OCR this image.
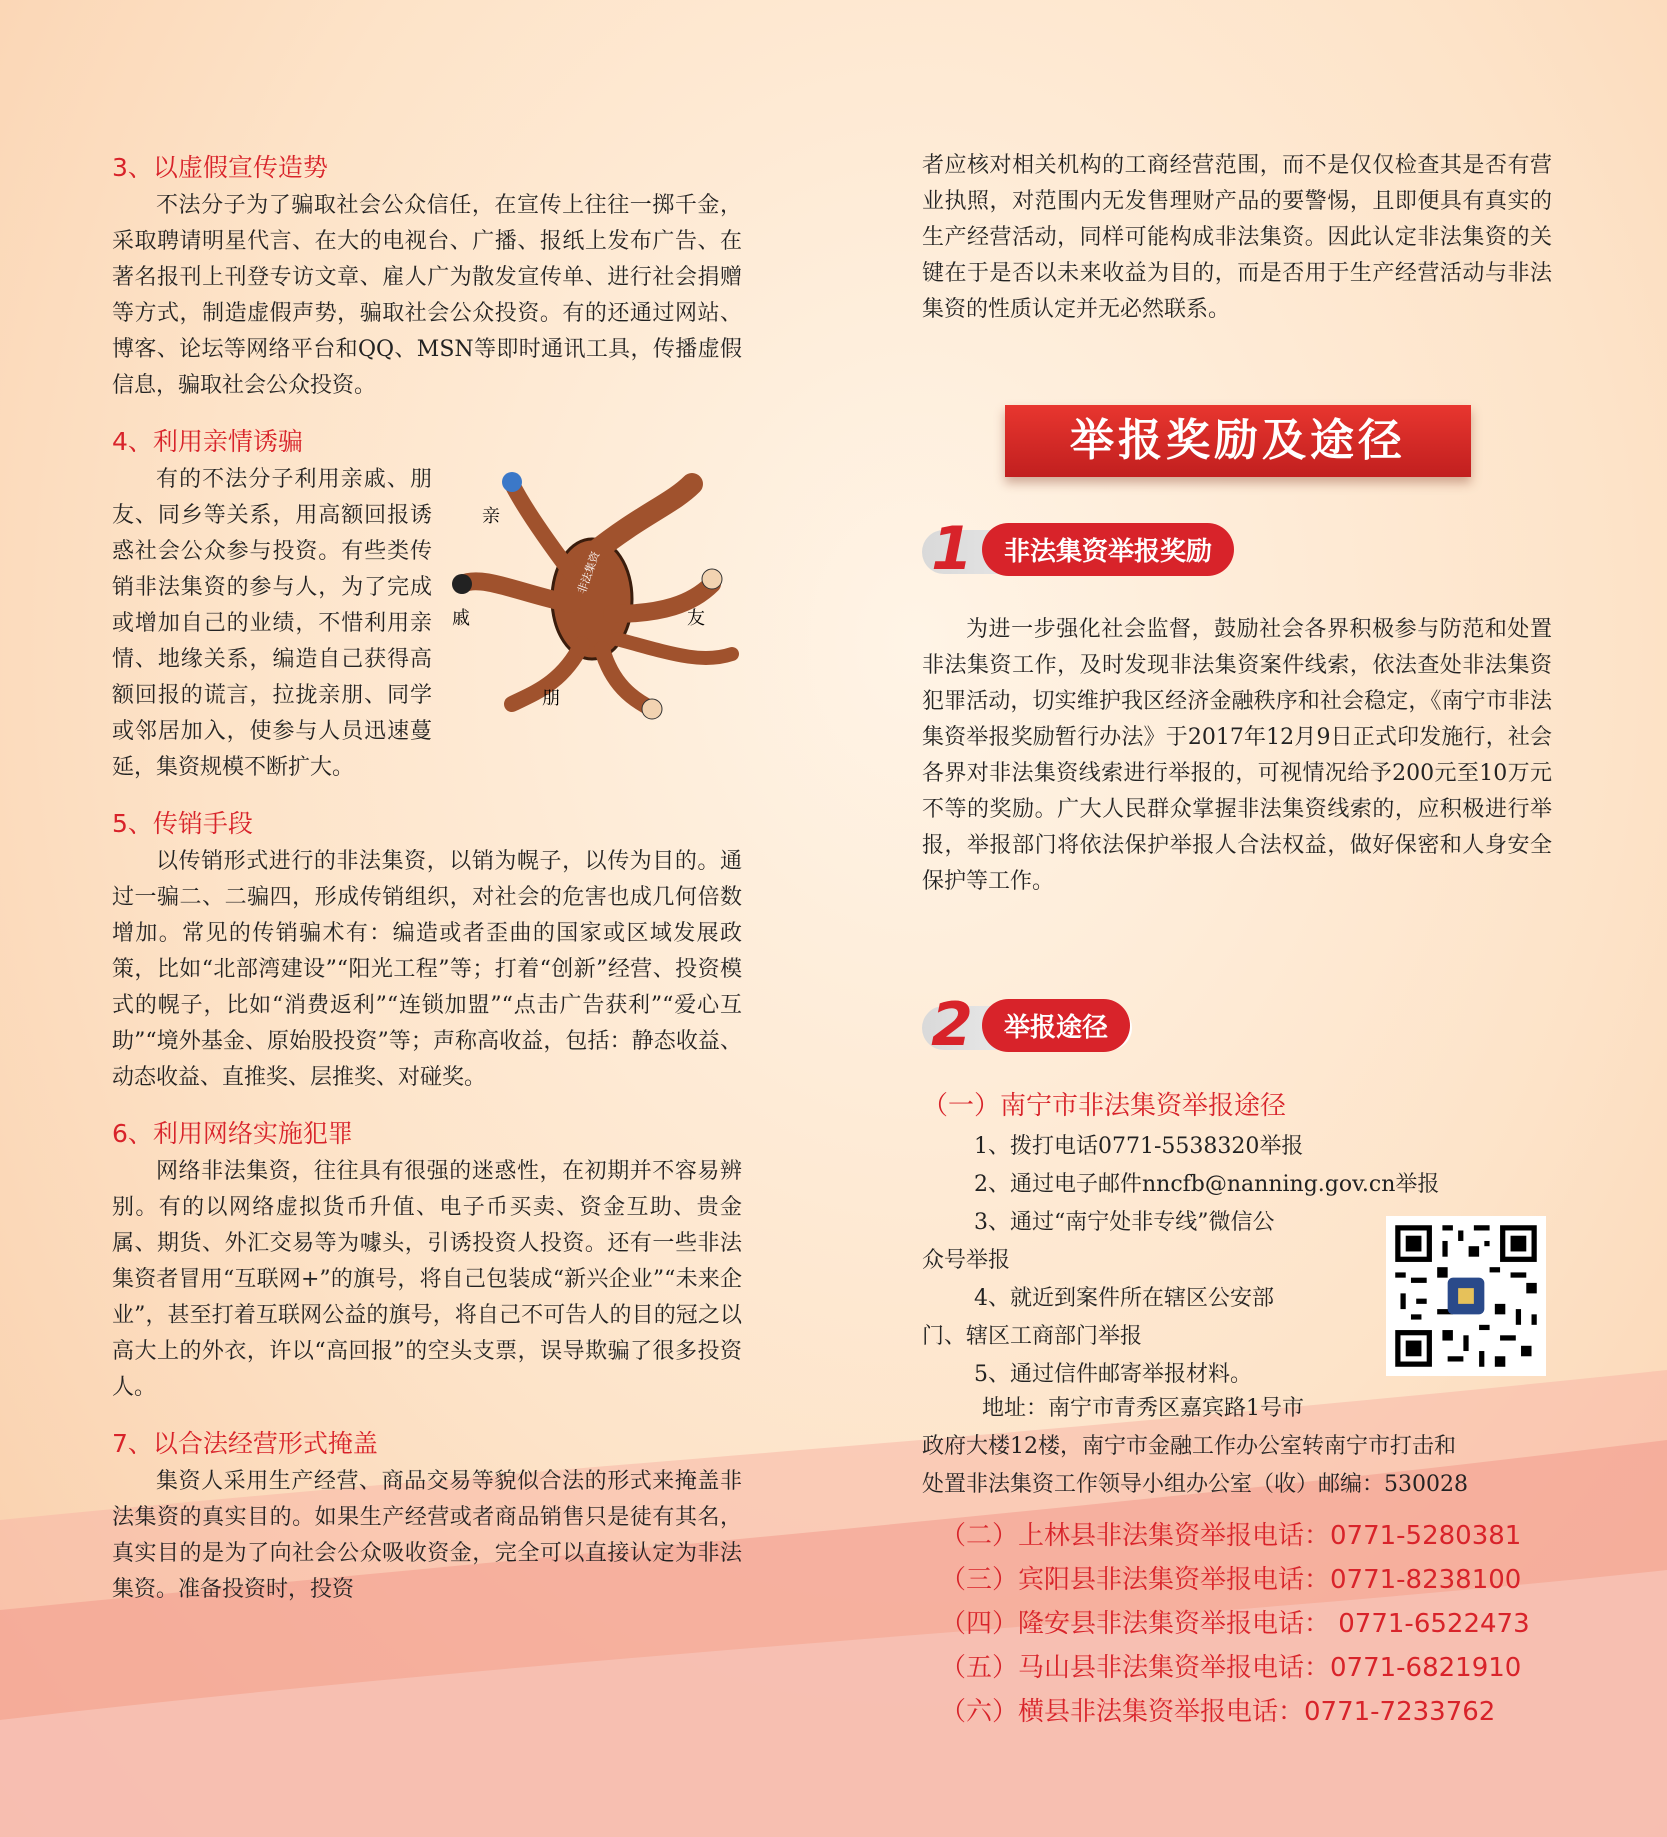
3、以虚假宣传造势

不法分子为了骗取社会公众信任，在宣传上往往一掷千金，采取聘请明星代言、在大的电视台、广播、报纸上发布广告、在著名报刊上刊登专访文章、雇人广为散发宣传单、进行社会捐赠等方式，制造虚假声势，骗取社会公众投资。有的还通过网站、博客、论坛等网络平台和QQ、MSN等即时通讯工具，传播虚假信息，骗取社会公众投资。

4、利用亲情诱骗
亲
戚	友
朋
非法集资

有的不法分子利用亲戚、朋友、同乡等关系，用高额回报诱惑社会公众参与投资。有些类传销非法集资的参与人，为了完成或增加自己的业绩，不惜利用亲情、地缘关系，编造自己获得高额回报的谎言，拉拢亲朋、同学或邻居加入，使参与人员迅速蔓延，集资规模不断扩大。

5、传销手段

以传销形式进行的非法集资，以销为幌子，以传为目的。通过一骗二、二骗四，形成传销组织，对社会的危害也成几何倍数增加。常见的传销骗术有：编造或者歪曲的国家或区域发展政策，比如“北部湾建设”“阳光工程”等；打着“创新”经营、投资模式的幌子，比如“消费返利”“连锁加盟”“点击广告获利”“爱心互助”“境外基金、原始股投资”等；声称高收益，包括：静态收益、动态收益、直推奖、层推奖、对碰奖。

6、利用网络实施犯罪

网络非法集资，往往具有很强的迷惑性，在初期并不容易辨别。有的以网络虚拟货币升值、电子币买卖、资金互助、贵金属、期货、外汇交易等为噱头，引诱投资人投资。还有一些非法集资者冒用“互联网+”的旗号，将自己包装成“新兴企业”“未来企业”，甚至打着互联网公益的旗号，将自己不可告人的目的冠之以高大上的外衣，许以“高回报”的空头支票，误导欺骗了很多投资人。

7、以合法经营形式掩盖

集资人采用生产经营、商品交易等貌似合法的形式来掩盖非法集资的真实目的。如果生产经营或者商品销售只是徒有其名，真实目的是为了向社会公众吸收资金，完全可以直接认定为非法集资。准备投资时，投资

者应核对相关机构的工商经营范围，而不是仅仅检查其是否有营业执照，对范围内无发售理财产品的要警惕，且即便具有真实的生产经营活动，同样可能构成非法集资。因此认定非法集资的关键在于是否以未来收益为目的，而是否用于生产经营活动与非法集资的性质认定并无必然联系。

举报奖励及途径
1	非法集资举报奖励

为进一步强化社会监督，鼓励社会各界积极参与防范和处置非法集资工作，及时发现非法集资案件线索，依法查处非法集资犯罪活动，切实维护我区经济金融秩序和社会稳定，《南宁市非法集资举报奖励暂行办法》于2017年12月9日正式印发施行，社会各界对非法集资线索进行举报的，可视情况给予200元至10万元不等的奖励。广大人民群众掌握非法集资线索的，应积极进行举报，举报部门将依法保护举报人合法权益，做好保密和人身安全保护等工作。

2	举报途径
（一）南宁市非法集资举报途径
1、拨打电话0771-5538320举报
2、通过电子邮件nncfb@nanning.gov.cn举报
3、通过“南宁处非专线”微信公
众号举报
4、就近到案件所在辖区公安部
门、辖区工商部门举报
5、通过信件邮寄举报材料。
地址：南宁市青秀区嘉宾路1号市
政府大楼12楼，南宁市金融工作办公室转南宁市打击和
处置非法集资工作领导小组办公室（收）邮编：530028
（二）上林县非法集资举报电话：0771-5280381
（三）宾阳县非法集资举报电话：0771-8238100
（四）隆安县非法集资举报电话： 0771-6522473
（五）马山县非法集资举报电话：0771-6821910
（六）横县非法集资举报电话：0771-7233762
